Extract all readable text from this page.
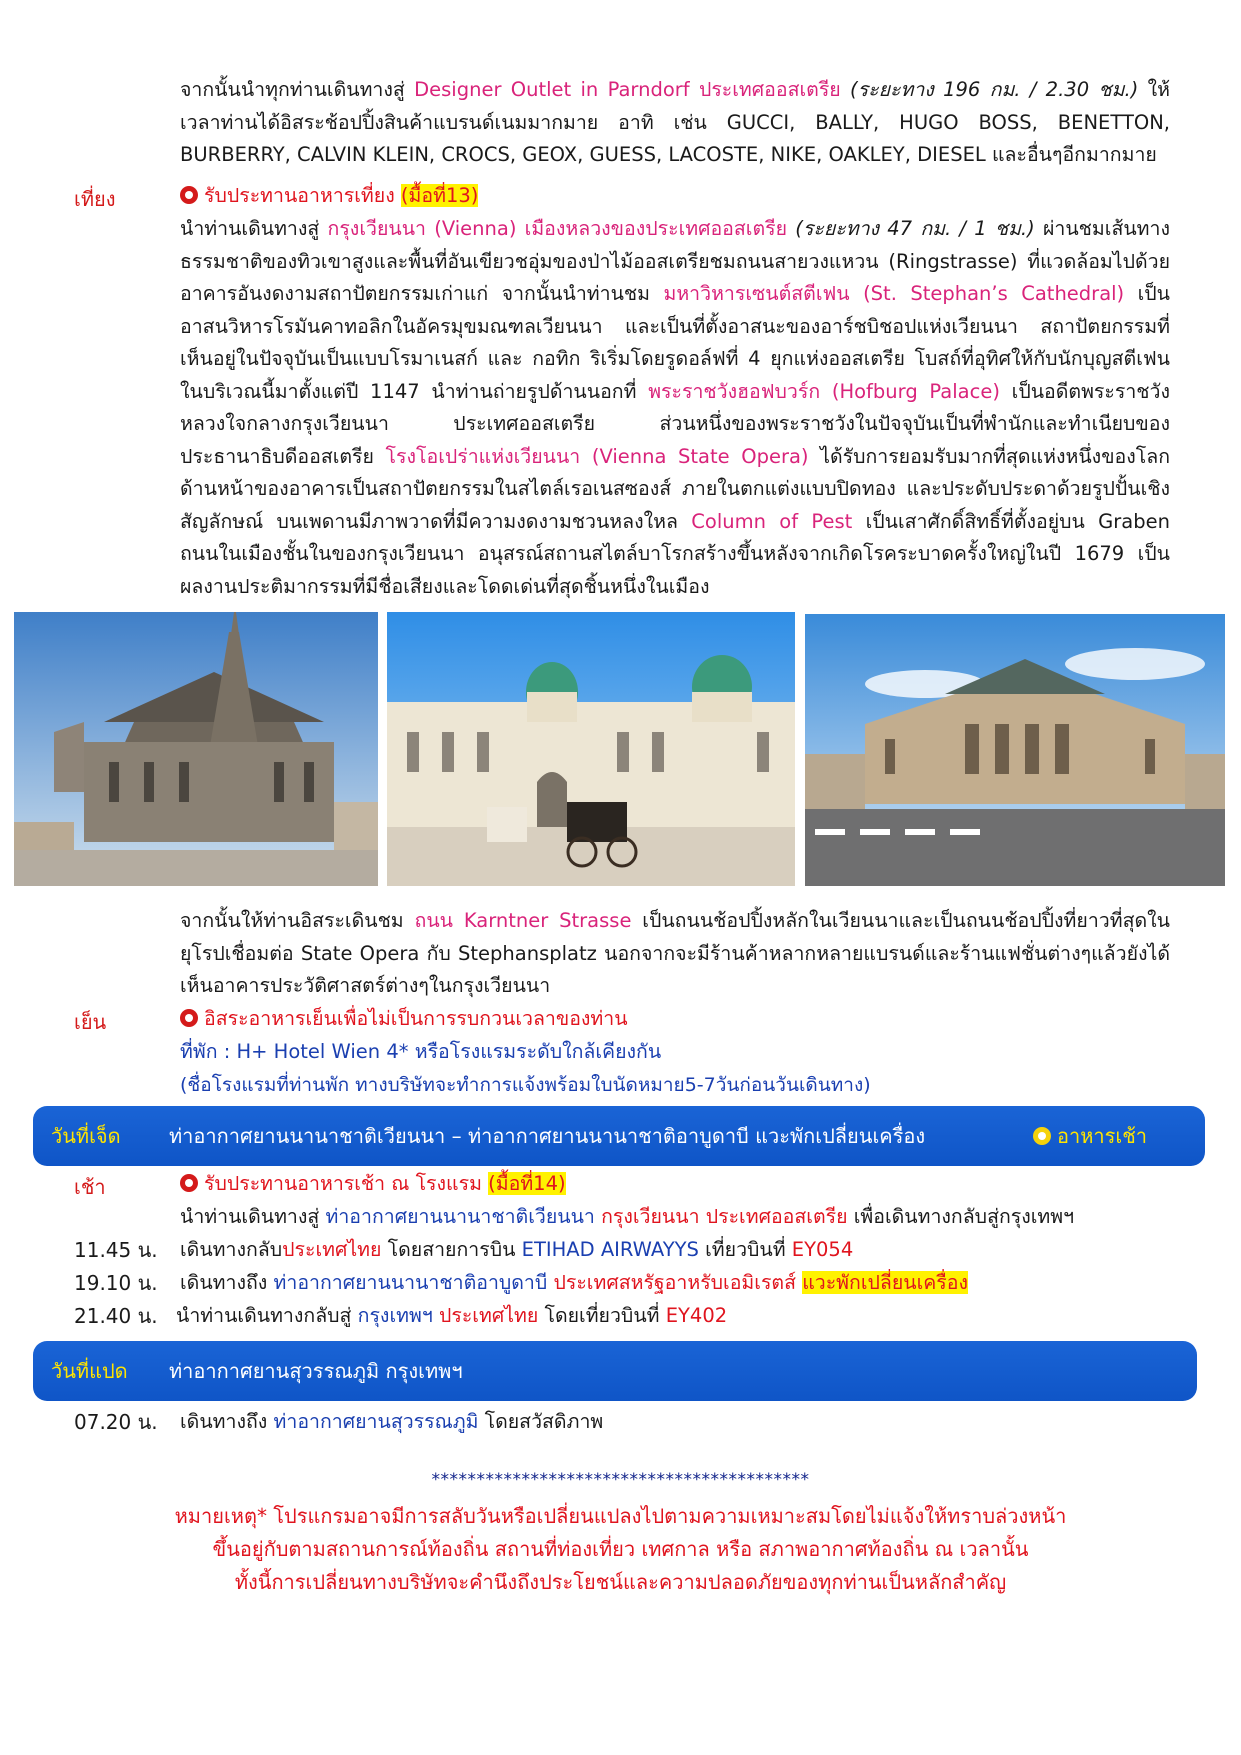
จากนั้นนำทุกท่านเดินทางสู่ Designer Outlet in Parndorf ประเทศออสเตรีย (ระยะทาง 196 กม. / 2.30 ชม.) ให้เวลาท่านได้อิสระช้อปปิ้งสินค้าแบรนด์เนมมากมาย อาทิ เช่น GUCCI, BALLY, HUGO BOSS, BENETTON, BURBERRY, CALVIN KLEIN, CROCS, GEOX, GUESS, LACOSTE, NIKE, OAKLEY, DIESEL และอื่นๆอีกมากมาย
เที่ยง	รับประทานอาหารเที่ยง (มื้อที่13)
นำท่านเดินทางสู่ กรุงเวียนนา (Vienna) เมืองหลวงของประเทศออสเตรีย (ระยะทาง 47 กม. / 1 ชม.) ผ่านชมเส้นทางธรรมชาติของทิวเขาสูงและพื้นที่อันเขียวชอุ่มของป่าไม้ออสเตรียชมถนนสายวงแหวน (Ringstrasse) ที่แวดล้อมไปด้วยอาคารอันงดงามสถาปัตยกรรมเก่าแก่ จากนั้นนำท่านชม มหาวิหารเซนต์สตีเฟน (St. Stephan’s Cathedral) เป็นอาสนวิหารโรมันคาทอลิกในอัครมุขมณฑลเวียนนา และเป็นที่ตั้งอาสนะของอาร์ชบิชอปแห่งเวียนนา สถาปัตยกรรมที่เห็นอยู่ในปัจจุบันเป็นแบบโรมาเนสก์ และ กอทิก ริเริ่มโดยรูดอล์ฟที่ 4 ยุกแห่งออสเตรีย โบสถ์ที่อุทิศให้กับนักบุญสตีเฟนในบริเวณนี้มาตั้งแต่ปี 1147 นำท่านถ่ายรูปด้านนอกที่ พระราชวังฮอฟบวร์ก (Hofburg Palace) เป็นอดีตพระราชวังหลวงใจกลางกรุงเวียนนา ประเทศออสเตรีย ส่วนหนึ่งของพระราชวังในปัจจุบันเป็นที่พำนักและทำเนียบของประธานาธิบดีออสเตรีย โรงโอเปร่าแห่งเวียนนา (Vienna State Opera) ได้รับการยอมรับมากที่สุดแห่งหนึ่งของโลก ด้านหน้าของอาคารเป็นสถาปัตยกรรมในสไตล์เรอเนสซองส์ ภายในตกแต่งแบบปิดทอง และประดับประดาด้วยรูปปั้นเชิงสัญลักษณ์ บนเพดานมีภาพวาดที่มีความงดงามชวนหลงใหล Column of Pest เป็นเสาศักดิ์สิทธิ์ที่ตั้งอยู่บน Graben ถนนในเมืองชั้นในของกรุงเวียนนา อนุสรณ์สถานสไตล์บาโรกสร้างขึ้นหลังจากเกิดโรคระบาดครั้งใหญ่ในปี 1679 เป็นผลงานประติมากรรมที่มีชื่อเสียงและโดดเด่นที่สุดชิ้นหนึ่งในเมือง
จากนั้นให้ท่านอิสระเดินชม ถนน Karntner Strasse เป็นถนนช้อปปิ้งหลักในเวียนนาและเป็นถนนช้อปปิ้งที่ยาวที่สุดในยุโรปเชื่อมต่อ State Opera กับ Stephansplatz นอกจากจะมีร้านค้าหลากหลายแบรนด์และร้านแฟชั่นต่างๆแล้วยังได้เห็นอาคารประวัติศาสตร์ต่างๆในกรุงเวียนนา
เย็น	อิสระอาหารเย็นเพื่อไม่เป็นการรบกวนเวลาของท่าน
ที่พัก : H+ Hotel Wien 4* หรือโรงแรมระดับใกล้เคียงกัน
(ชื่อโรงแรมที่ท่านพัก ทางบริษัทจะทำการแจ้งพร้อมใบนัดหมาย5-7วันก่อนวันเดินทาง)
วันที่เจ็ด ท่าอากาศยานนานาชาติเวียนนา – ท่าอากาศยานนานาชาติอาบูดาบี แวะพักเปลี่ยนเครื่อง	อาหารเช้า
เช้า	รับประทานอาหารเช้า ณ โรงแรม (มื้อที่14)
นำท่านเดินทางสู่ ท่าอากาศยานนานาชาติเวียนนา กรุงเวียนนา ประเทศออสเตรีย เพื่อเดินทางกลับสู่กรุงเทพฯ
11.45 น. เดินทางกลับประเทศไทย โดยสายการบิน ETIHAD AIRWAYYS เที่ยวบินที่ EY054
19.10 น. เดินทางถึง ท่าอากาศยานนานาชาติอาบูดาบี ประเทศสหรัฐอาหรับเอมิเรตส์ แวะพักเปลี่ยนเครื่อง
21.40 น. นำท่านเดินทางกลับสู่ กรุงเทพฯ ประเทศไทย โดยเที่ยวบินที่ EY402
วันที่แปด ท่าอากาศยานสุวรรณภูมิ กรุงเทพฯ
07.20 น. เดินทางถึง ท่าอากาศยานสุวรรณภูมิ โดยสวัสดิภาพ
******************************************
หมายเหตุ* โปรแกรมอาจมีการสลับวันหรือเปลี่ยนแปลงไปตามความเหมาะสมโดยไม่แจ้งให้ทราบล่วงหน้า
ขึ้นอยู่กับตามสถานการณ์ท้องถิ่น สถานที่ท่องเที่ยว เทศกาล หรือ สภาพอากาศท้องถิ่น ณ เวลานั้น
ทั้งนี้การเปลี่ยนทางบริษัทจะคำนึงถึงประโยชน์และความปลอดภัยของทุกท่านเป็นหลักสำคัญ
